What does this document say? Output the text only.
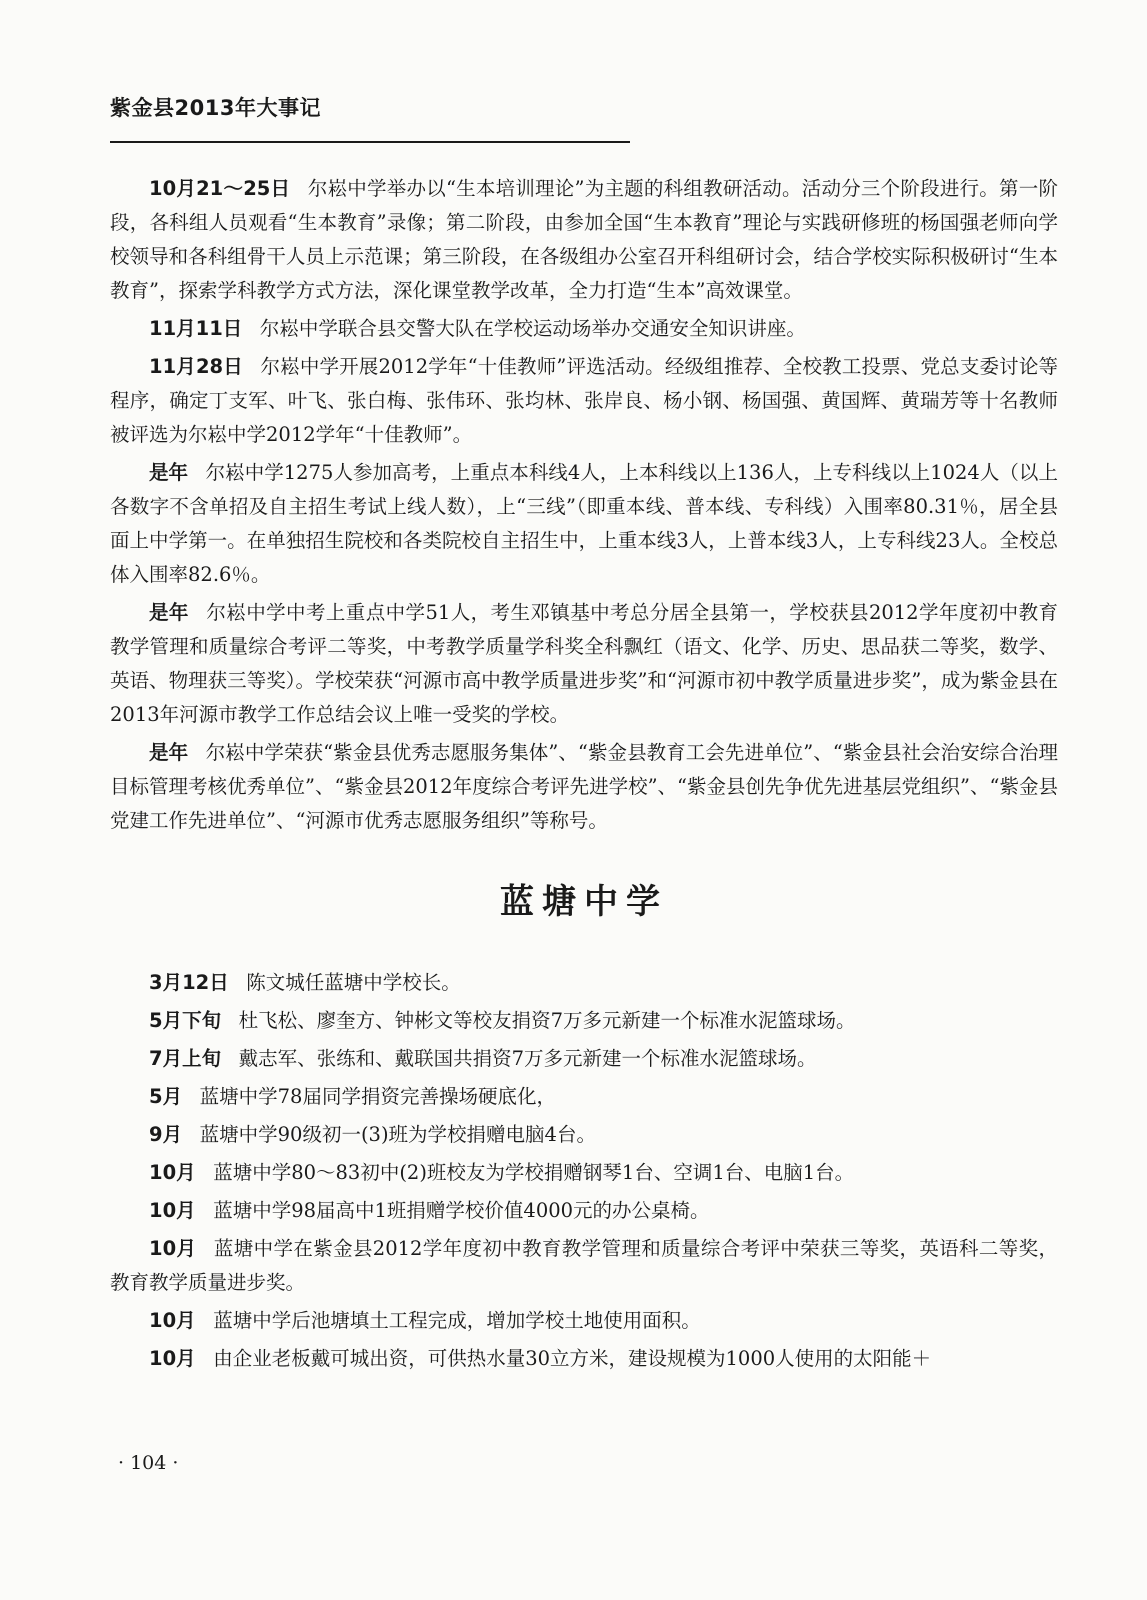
紫金县2013年大事记

10月21～25日 尔崧中学举办以“生本培训理论”为主题的科组教研活动。活动分三个阶段进行。第一阶段，各科组人员观看“生本教育”录像；第二阶段，由参加全国“生本教育”理论与实践研修班的杨国强老师向学校领导和各科组骨干人员上示范课；第三阶段，在各级组办公室召开科组研讨会，结合学校实际积极研讨“生本教育”，探索学科教学方式方法，深化课堂教学改革，全力打造“生本”高效课堂。

11月11日 尔崧中学联合县交警大队在学校运动场举办交通安全知识讲座。

11月28日 尔崧中学开展2012学年“十佳教师”评选活动。经级组推荐、全校教工投票、党总支委讨论等程序，确定丁支军、叶飞、张白梅、张伟环、张均林、张岸良、杨小钢、杨国强、黄国辉、黄瑞芳等十名教师被评选为尔崧中学2012学年“十佳教师”。

是年 尔崧中学1275人参加高考，上重点本科线4人，上本科线以上136人，上专科线以上1024人（以上各数字不含单招及自主招生考试上线人数），上“三线”（即重本线、普本线、专科线）入围率80.31％，居全县面上中学第一。在单独招生院校和各类院校自主招生中，上重本线3人，上普本线3人，上专科线23人。全校总体入围率82.6％。

是年 尔崧中学中考上重点中学51人，考生邓镇基中考总分居全县第一，学校获县2012学年度初中教育教学管理和质量综合考评二等奖，中考教学质量学科奖全科飘红（语文、化学、历史、思品获二等奖，数学、英语、物理获三等奖）。学校荣获“河源市高中教学质量进步奖”和“河源市初中教学质量进步奖”，成为紫金县在2013年河源市教学工作总结会议上唯一受奖的学校。

是年 尔崧中学荣获“紫金县优秀志愿服务集体”、“紫金县教育工会先进单位”、“紫金县社会治安综合治理目标管理考核优秀单位”、“紫金县2012年度综合考评先进学校”、“紫金县创先争优先进基层党组织”、“紫金县党建工作先进单位”、“河源市优秀志愿服务组织”等称号。

蓝塘中学

3月12日 陈文城任蓝塘中学校长。

5月下旬 杜飞松、廖奎方、钟彬文等校友捐资7万多元新建一个标准水泥篮球场。

7月上旬 戴志军、张练和、戴联国共捐资7万多元新建一个标准水泥篮球场。

5月 蓝塘中学78届同学捐资完善操场硬底化，

9月 蓝塘中学90级初一(3)班为学校捐赠电脑4台。

10月 蓝塘中学80～83初中(2)班校友为学校捐赠钢琴1台、空调1台、电脑1台。

10月 蓝塘中学98届高中1班捐赠学校价值4000元的办公桌椅。

10月 蓝塘中学在紫金县2012学年度初中教育教学管理和质量综合考评中荣获三等奖，英语科二等奖，教育教学质量进步奖。

10月 蓝塘中学后池塘填土工程完成，增加学校土地使用面积。

10月 由企业老板戴可城出资，可供热水量30立方米，建设规模为1000人使用的太阳能＋

· 104 ·
